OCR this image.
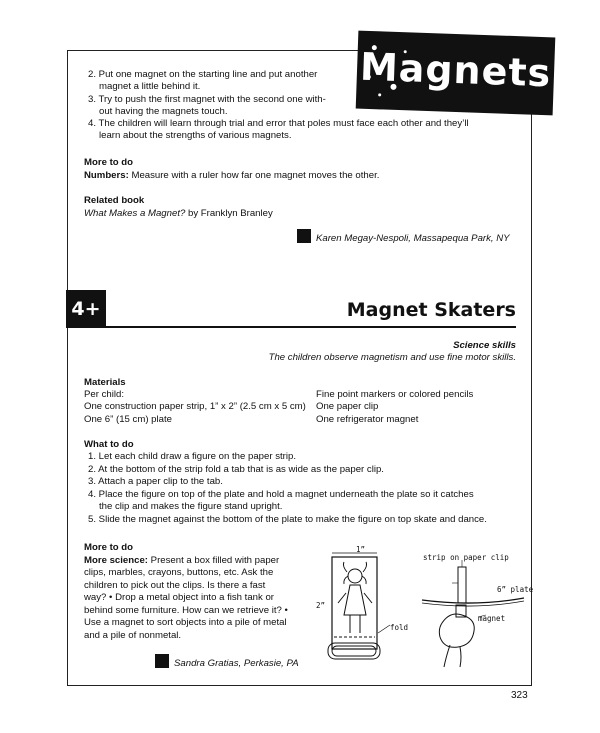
Magnets
2. Put one magnet on the starting line and put another
magnet a little behind it.
3. Try to push the first magnet with the second one with-
out having the magnets touch.
4. The children will learn through trial and error that poles must face each other and they’ll
learn about the strengths of various magnets.
More to do
Numbers: Measure with a ruler how far one magnet moves the other.
Related book
What Makes a Magnet? by Franklyn Branley
Karen Megay-Nespoli, Massapequa Park, NY
4+	Magnet Skaters
Science skills
The children observe magnetism and use fine motor skills.
Materials
Per child:
One construction paper strip, 1” x 2” (2.5 cm x 5 cm)
One 6” (15 cm) plate
Fine point markers or colored pencils
One paper clip
One refrigerator magnet
What to do
1. Let each child draw a figure on the paper strip.
2. At the bottom of the strip fold a tab that is as wide as the paper clip.
3. Attach a paper clip to the tab.
4. Place the figure on top of the plate and hold a magnet underneath the plate so it catches
the clip and makes the figure stand upright.
5. Slide the magnet against the bottom of the plate to make the figure on top skate and dance.
More to do
More science: Present a box filled with paper
clips, marbles, crayons, buttons, etc. Ask the
children to pick out the clips. Is there a fast
way? • Drop a metal object into a fish tank or
behind some furniture. How can we retrieve it? •
Use a magnet to sort objects into a pile of metal
and a pile of nonmetal.
Sandra Gratias, Perkasie, PA
1”
2”
fold
strip on paper clip
6” plate
magnet
323
